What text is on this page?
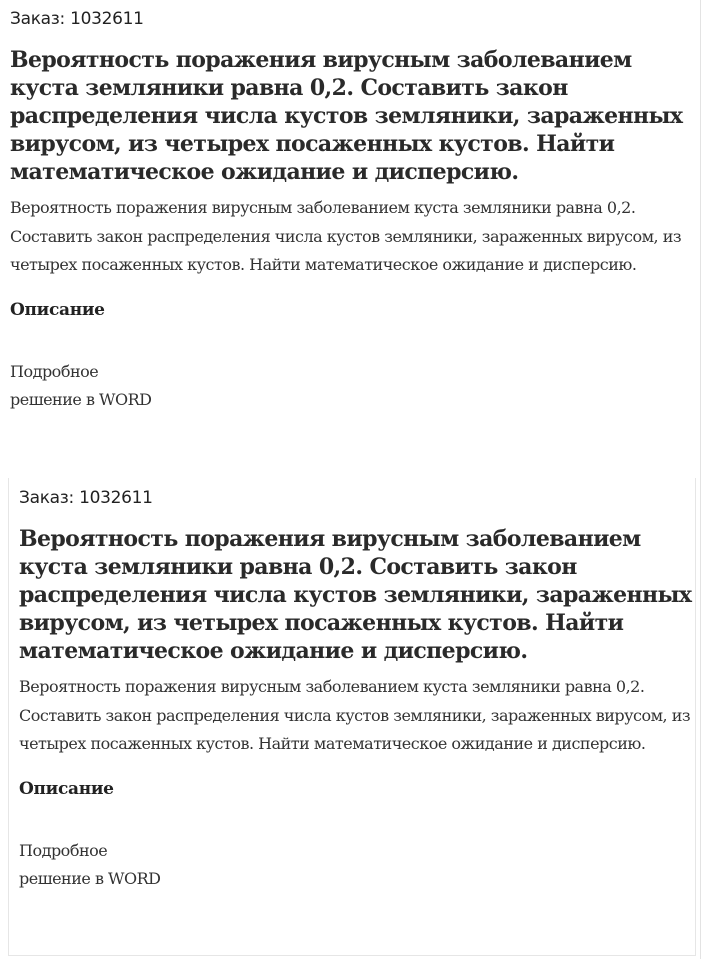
Заказ: 1032611
Вероятность поражения вирусным заболеванием куста земляники равна 0,2. Составить закон распределения числа кустов земляники, зараженных вирусом, из четырех посаженных кустов. Найти математическое ожидание и дисперсию.

Вероятность поражения вирусным заболеванием куста земляники равна 0,2. Составить закон распределения числа кустов земляники, зараженных вирусом, из четырех посаженных кустов. Найти математическое ожидание и дисперсию.

Описание

Подробное
решение в WORD

Заказ: 1032611
Вероятность поражения вирусным заболеванием куста земляники равна 0,2. Составить закон распределения числа кустов земляники, зараженных вирусом, из четырех посаженных кустов. Найти математическое ожидание и дисперсию.

Вероятность поражения вирусным заболеванием куста земляники равна 0,2. Составить закон распределения числа кустов земляники, зараженных вирусом, из четырех посаженных кустов. Найти математическое ожидание и дисперсию.

Описание

Подробное
решение в WORD
